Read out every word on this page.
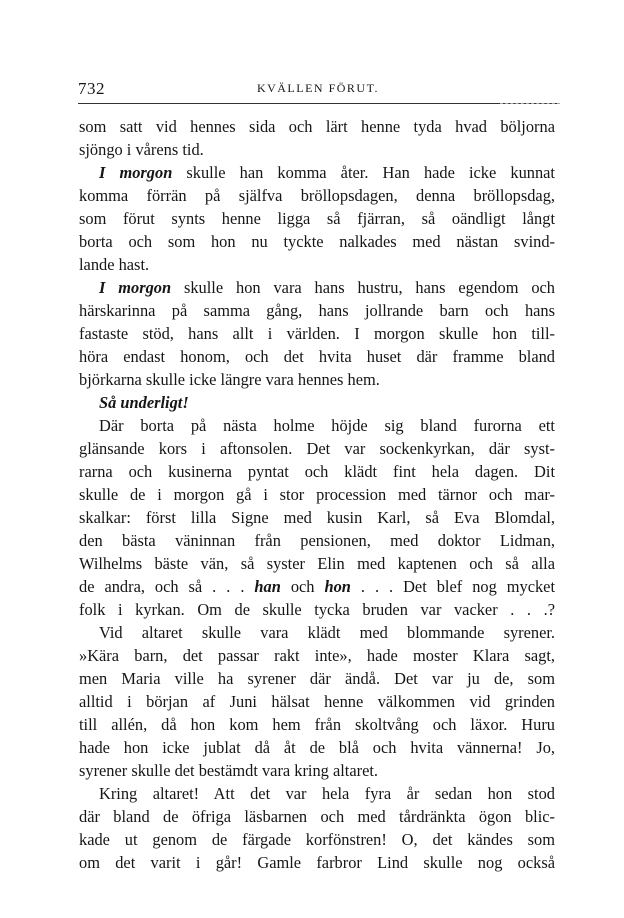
732	KVÄLLEN FÖRUT.
som satt vid hennes sida och lärt henne tyda hvad böljorna
sjöngo i vårens tid.
I morgon skulle han komma åter. Han hade icke kunnat
komma förrän på själfva bröllopsdagen, denna bröllopsdag,
som förut synts henne ligga så fjärran, så oändligt långt
borta och som hon nu tyckte nalkades med nästan svind-
lande hast.
I morgon skulle hon vara hans hustru, hans egendom och
härskarinna på samma gång, hans jollrande barn och hans
fastaste stöd, hans allt i världen. I morgon skulle hon till-
höra endast honom, och det hvita huset där framme bland
björkarna skulle icke längre vara hennes hem.
Så underligt!
Där borta på nästa holme höjde sig bland furorna ett
glänsande kors i aftonsolen. Det var sockenkyrkan, där syst-
rarna och kusinerna pyntat och klädt fint hela dagen. Dit
skulle de i morgon gå i stor procession med tärnor och mar-
skalkar: först lilla Signe med kusin Karl, så Eva Blomdal,
den bästa väninnan från pensionen, med doktor Lidman,
Wilhelms bäste vän, så syster Elin med kaptenen och så alla
de andra, och så . . . han och hon . . . Det blef nog mycket
folk i kyrkan. Om de skulle tycka bruden var vacker . . .?
Vid altaret skulle vara klädt med blommande syrener.
»Kära barn, det passar rakt inte», hade moster Klara sagt,
men Maria ville ha syrener där ändå. Det var ju de, som
alltid i början af Juni hälsat henne välkommen vid grinden
till allén, då hon kom hem från skoltvång och läxor. Huru
hade hon icke jublat då åt de blå och hvita vännerna! Jo,
syrener skulle det bestämdt vara kring altaret.
Kring altaret! Att det var hela fyra år sedan hon stod
där bland de öfriga läsbarnen och med tårdränkta ögon blic-
kade ut genom de färgade korfönstren! O, det kändes som
om det varit i går! Gamle farbror Lind skulle nog också
